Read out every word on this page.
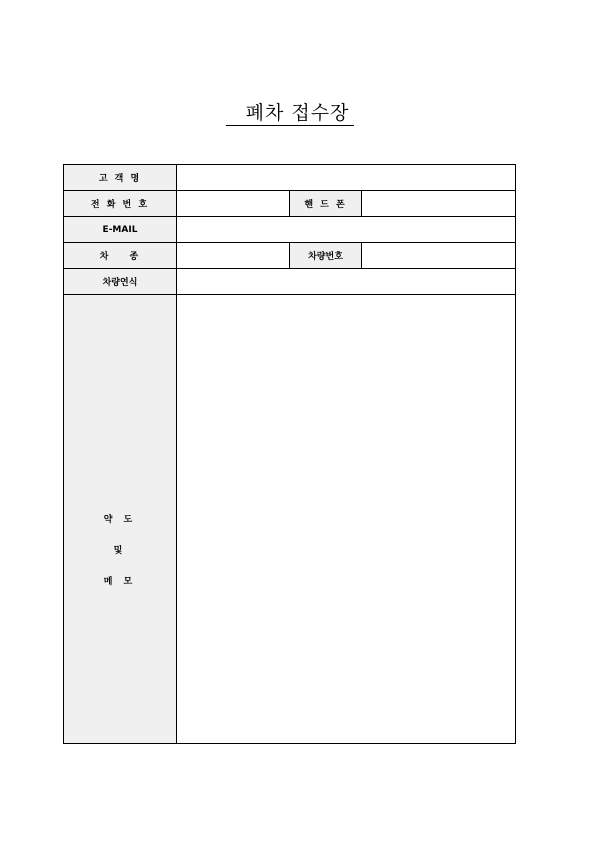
폐차 접수장
고 객 명			
전 화 번 호		핸 드 폰	
E-MAIL			
차 종		차량번호	
차량연식			

약 도
및
메 모			
